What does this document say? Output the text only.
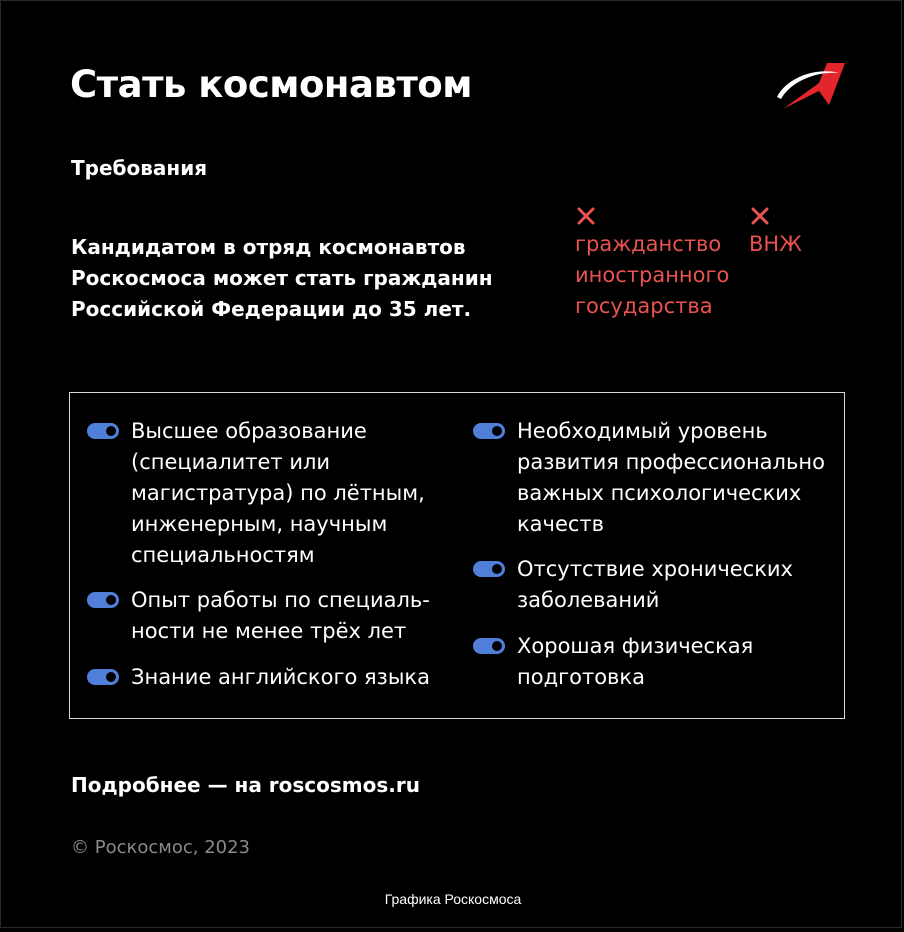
Стать космонавтом
Требования
Кандидатом в отряд космонавтов Роскосмоса может стать гражданин Российской Федерации до 35 лет.
гражданство иностранного государства
ВНЖ
Высшее образование (специалитет или магистратура) по лётным, инженерным, научным специальностям
Опыт работы по специаль-ности не менее трёх лет
Знание английского языка
Необходимый уровень развития профессионально важных психологических качеств
Отсутствие хронических заболеваний
Хорошая физическая подготовка
Подробнее — на roscosmos.ru
© Роскосмос, 2023
Графика Роскосмоса
